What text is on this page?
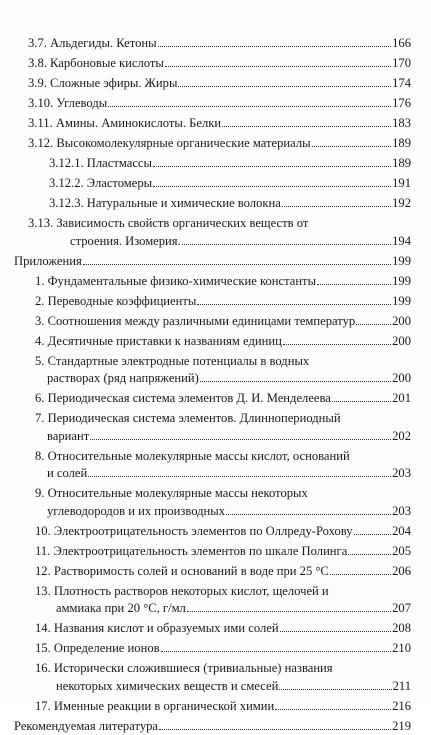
3.7. Альдегиды. Кетоны	166
3.8. Карбоновые кислоты	170
3.9. Сложные эфиры. Жиры	174
3.10. Углеводы	176
3.11. Амины. Аминокислоты. Белки	183
3.12. Высокомолекулярные органические материалы	189
3.12.1. Пластмассы	189
3.12.2. Эластомеры	191
3.12.3. Натуральные и химические волокна	192
3.13. Зависимость свойств органических веществ от
строения. Изомерия.	194
Приложения	199
1. Фундаментальные физико-химические константы	199
2. Переводные коэффициенты	199
3. Соотношения между различными единицами температур	200
4. Десятичные приставки к названиям единиц	200
5. Стандартные электродные потенциалы в водных
растворах (ряд напряжений)	200
6. Периодическая система элементов Д. И. Менделеева	201
7. Периодическая система элементов. Длиннопериодный
вариант	202
8. Относительные молекулярные массы кислот, оснований
и солей	203
9. Относительные молекулярные массы некоторых
углеводородов и их производных	203
10. Электроотрицательность элементов по Оллреду-Рохову	204
11. Электроотрицательность элементов по шкале Полинга	205
12. Растворимость солей и оснований в воде при 25 °С	206
13. Плотность растворов некоторых кислот, щелочей и
аммиака при 20 °С, г/мл	207
14. Названия кислот и образуемых ими солей	208
15. Определение ионов	210
16. Исторически сложившиеся (тривиальные) названия
некоторых химических веществ и смесей	211
17. Именные реакции в органической химии	216
Рекомендуемая литература	219
